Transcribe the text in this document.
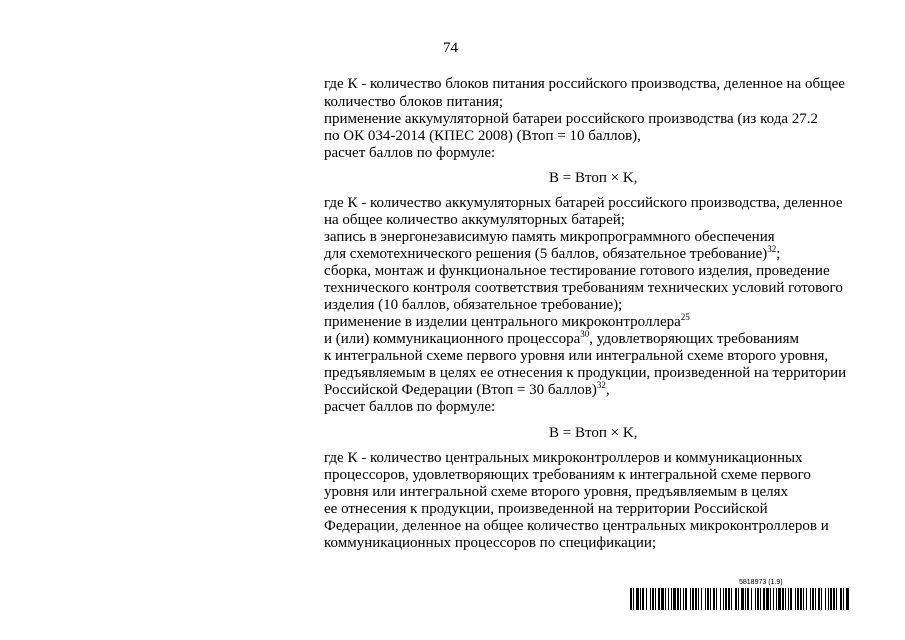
74
где К - количество блоков питания российского производства, деленное на общее
количество блоков питания;
применение аккумуляторной батареи российского производства (из кода 27.2
по ОК 034-2014 (КПЕС 2008) (Втоп = 10 баллов),
расчет баллов по формуле:
В = Втоп × K,
где К - количество аккумуляторных батарей российского производства, деленное
на общее количество аккумуляторных батарей;
запись в энергонезависимую память микропрограммного обеспечения
для схемотехнического решения (5 баллов, обязательное требование)$^{32}$;
сборка, монтаж и функциональное тестирование готового изделия, проведение
технического контроля соответствия требованиям технических условий готового
изделия (10 баллов, обязательное требование);
применение в изделии центрального микроконтроллера$^{25}$
и (или) коммуникационного процессора$^{30}$, удовлетворяющих требованиям
к интегральной схеме первого уровня или интегральной схеме второго уровня,
предъявляемым в целях ее отнесения к продукции, произведенной на территории
Российской Федерации (Втоп = 30 баллов)$^{32}$,
расчет баллов по формуле:
В = Втоп × K,
где К - количество центральных микроконтроллеров и коммуникационных
процессоров, удовлетворяющих требованиям к интегральной схеме первого
уровня или интегральной схеме второго уровня, предъявляемым в целях
ее отнесения к продукции, произведенной на территории Российской
Федерации, деленное на общее количество центральных микроконтроллеров и
коммуникационных процессоров по спецификации;
5818973 (1.9)
